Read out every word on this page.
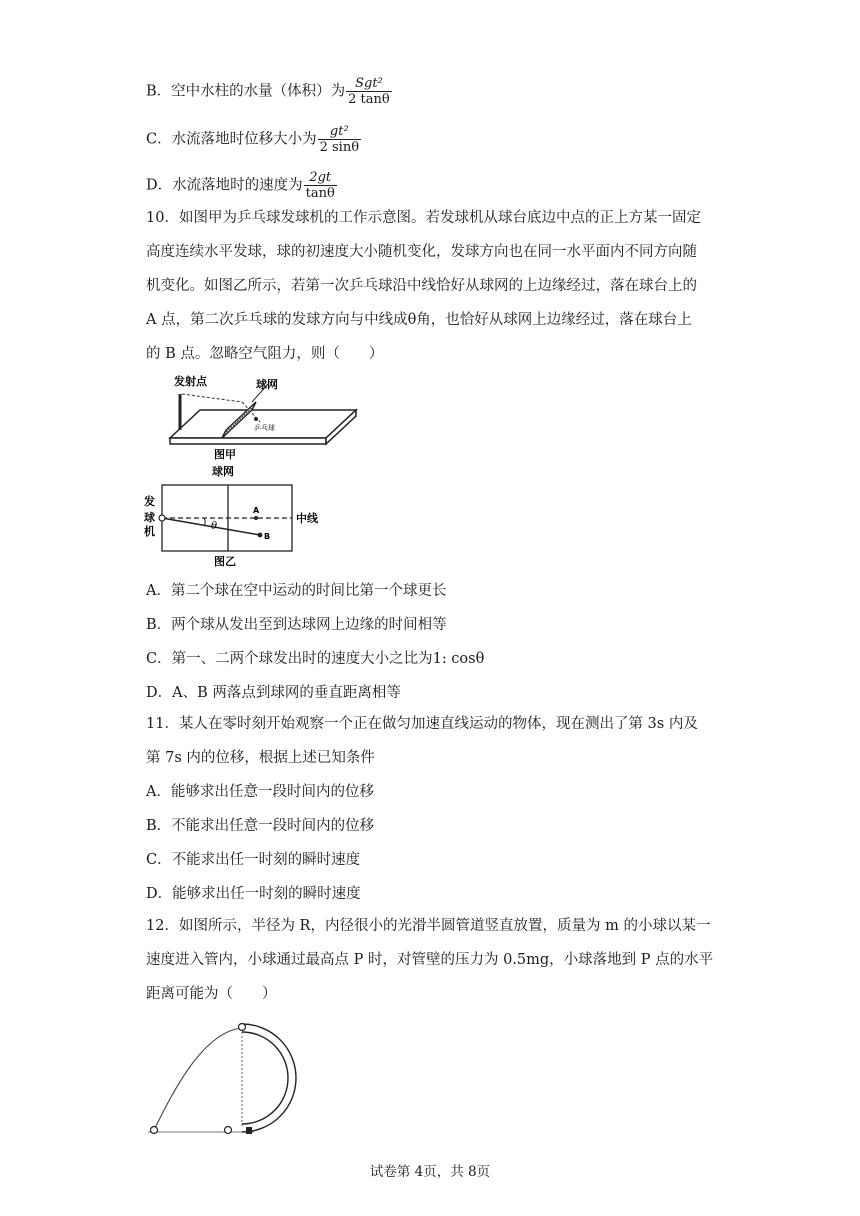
B．空中水柱的水量（体积）为 $\frac{\text{Sgt²}}{2 \tan\theta}$
C．水流落地时位移大小为 $\frac{\text{gt²}}{2 \sin\theta}$
D．水流落地时的速度为 $\frac{2gt}{\tan\theta}$
10．如图甲为乒乓球发球机的工作示意图。若发球机从球台底边中点的正上方某一固定
高度连续水平发球，球的初速度大小随机变化，发球方向也在同一水平面内不同方向随
机变化。如图乙所示，若第一次乒乓球沿中线恰好从球网的上边缘经过，落在球台上的
A 点，第二次乒乓球的发球方向与中线成θ角，也恰好从球网上边缘经过，落在球台上
的 B 点。忽略空气阻力，则（　　）
发射点	球网
乒乓球
图甲
球网
θ
A
B
发
球
机
中线
图乙
A．第二个球在空中运动的时间比第一个球更长
B．两个球从发出至到达球网上边缘的时间相等
C．第一、二两个球发出时的速度大小之比为1: cosθ
D．A、B 两落点到球网的垂直距离相等
11．某人在零时刻开始观察一个正在做匀加速直线运动的物体，现在测出了第 3s 内及
第 7s 内的位移，根据上述已知条件
A．能够求出任意一段时间内的位移
B．不能求出任意一段时间内的位移
C．不能求出任一时刻的瞬时速度
D．能够求出任一时刻的瞬时速度
12．如图所示，半径为 R，内径很小的光滑半圆管道竖直放置，质量为 m 的小球以某一
速度进入管内，小球通过最高点 P 时，对管壁的压力为 0.5mg，小球落地到 P 点的水平
距离可能为（　　）
试卷第 4页，共 8页
